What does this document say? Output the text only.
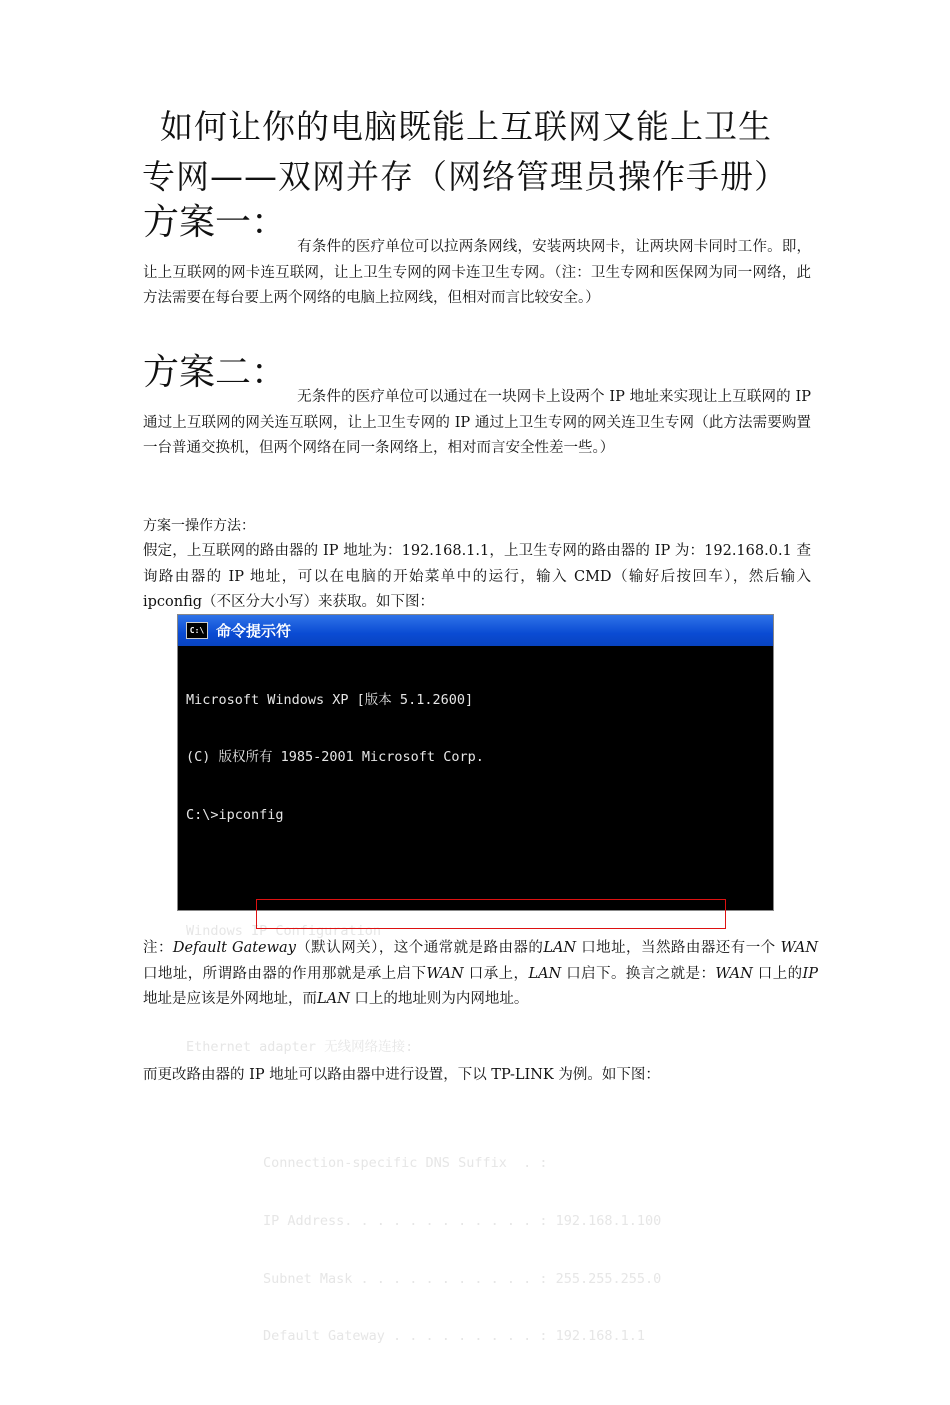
如何让你的电脑既能上互联网又能上卫生
专网——双网并存（网络管理员操作手册）
方案一：
有条件的医疗单位可以拉两条网线，安装两块网卡，让两块网卡同时工作。即，让上互联网的网卡连互联网，让上卫生专网的网卡连卫生专网。（注：卫生专网和医保网为同一网络，此方法需要在每台要上两个网络的电脑上拉网线，但相对而言比较安全。）
方案二：
无条件的医疗单位可以通过在一块网卡上设两个 IP 地址来实现让上互联网的 IP 通过上互联网的网关连互联网，让上卫生专网的 IP 通过上卫生专网的网关连卫生专网（此方法需要购置一台普通交换机，但两个网络在同一条网络上，相对而言安全性差一些。）
方案一操作方法：
假定，上互联网的路由器的 IP 地址为：192.168.1.1，上卫生专网的路由器的 IP 为：192.168.0.1 查询路由器的 IP 地址，可以在电脑的开始菜单中的运行，输入 CMD（输好后按回车），然后输入 ipconfig（不区分大小写）来获取。如下图：
C:\ 命令提示符

Microsoft Windows XP [版本 5.1.2600]

(C) 版权所有 1985-2001 Microsoft Corp.

C:\>ipconfig

Windows IP Configuration

Ethernet adapter 无线网络连接:

Connection-specific DNS Suffix  . :

IP Address. . . . . . . . . . . . : 192.168.1.100

Subnet Mask . . . . . . . . . . . : 255.255.255.0

Default Gateway . . . . . . . . . : 192.168.1.1

注：Default Gateway（默认网关），这个通常就是路由器的LAN 口地址，当然路由器还有一个 WAN 口地址，所谓路由器的作用那就是承上启下WAN 口承上，LAN 口启下。换言之就是：WAN 口上的IP 地址是应该是外网地址，而LAN 口上的地址则为内网地址。
而更改路由器的 IP 地址可以路由器中进行设置，下以 TP-LINK 为例。如下图：
